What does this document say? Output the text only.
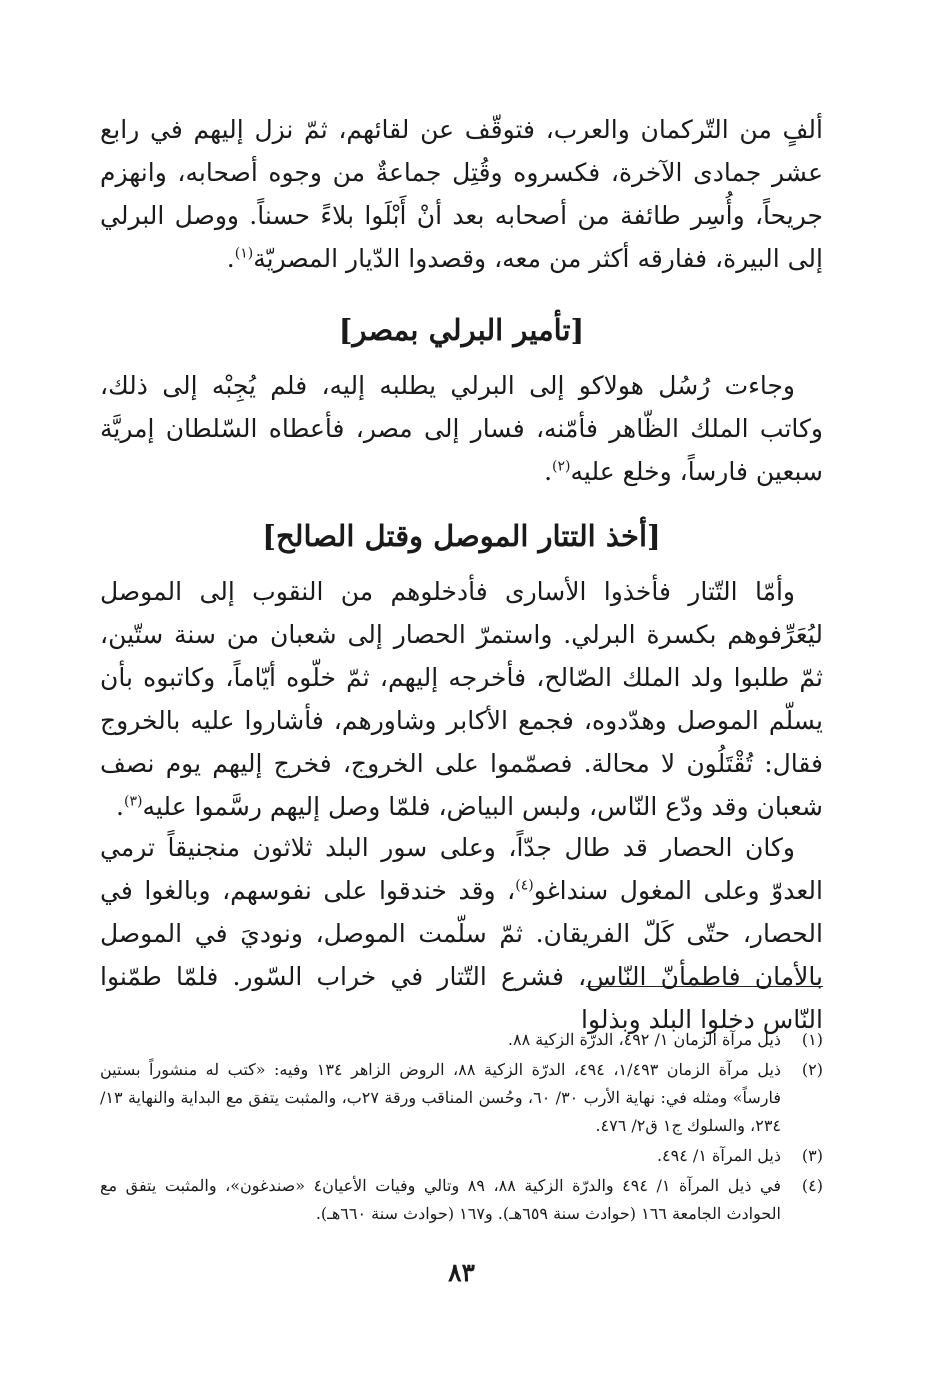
ألفٍ من التّركمان والعرب، فتوقّف عن لقائهم، ثمّ نزل إليهم في رابع عشر جمادى الآخرة، فكسروه وقُتِل جماعةٌ من وجوه أصحابه، وانهزم جريحاً، وأُسِر طائفة من أصحابه بعد أنْ أَبْلَوا بلاءً حسناً. ووصل البرلي إلى البيرة، ففارقه أكثر من معه، وقصدوا الدّيار المصريّة$^{(١)}$.

[تأمير البرلي بمصر]

وجاءت رُسُل هولاكو إلى البرلي يطلبه إليه، فلم يُجِبْه إلى ذلك، وكاتب الملك الظّاهر فأمّنه، فسار إلى مصر، فأعطاه السّلطان إمريَّة سبعين فارساً، وخلع عليه$^{(٢)}$.

[أخذ التتار الموصل وقتل الصالح]

وأمّا التّتار فأخذوا الأسارى فأدخلوهم من النقوب إلى الموصل ليُعَرِّفوهم بكسرة البرلي. واستمرّ الحصار إلى شعبان من سنة ستّين، ثمّ طلبوا ولد الملك الصّالح، فأخرجه إليهم، ثمّ خلّوه أيّاماً، وكاتبوه بأن يسلّم الموصل وهدّدوه، فجمع الأكابر وشاورهم، فأشاروا عليه بالخروج فقال: تُقْتَلُون لا محالة. فصمّموا على الخروج، فخرج إليهم يوم نصف شعبان وقد ودّع النّاس، ولبس البياض، فلمّا وصل إليهم رسَّموا عليه$^{(٣)}$.

وكان الحصار قد طال جدّاً، وعلى سور البلد ثلاثون منجنيقاً ترمي العدوّ وعلى المغول سنداغو$^{(٤)}$، وقد خندقوا على نفوسهم، وبالغوا في الحصار، حتّى كَلّ الفريقان. ثمّ سلّمت الموصل، ونوديَ في الموصل بالأمان فاطمأنّ النّاس، فشرع التّتار في خراب السّور. فلمّا طمّنوا النّاس دخلوا البلد وبذلوا

(١)
ذيل مرآة الزمان ١/ ٤٩٢، الدرّة الزكية ٨٨.
(٢)
ذيل مرآة الزمان ١/٤٩٣، ٤٩٤، الدرّة الزكية ٨٨، الروض الزاهر ١٣٤ وفيه: «كتب له منشوراً بستين فارساً» ومثله في: نهاية الأرب ٣٠/ ٦٠، وحُسن المناقب ورقة ٢٧ب، والمثبت يتفق مع البداية والنهاية ١٣/ ٢٣٤، والسلوك ج١ ق٢/ ٤٧٦.
(٣)
ذيل المرآة ١/ ٤٩٤.
(٤)
في ذيل المرآة ١/ ٤٩٤ والدرّة الزكية ٨٨، ٨٩ وتالي وفيات الأعيان٤ «صندغون»، والمثبت يتفق مع الحوادث الجامعة ١٦٦ (حوادث سنة ٦٥٩هـ). و١٦٧ (حوادث سنة ٦٦٠هـ).
٨٣
